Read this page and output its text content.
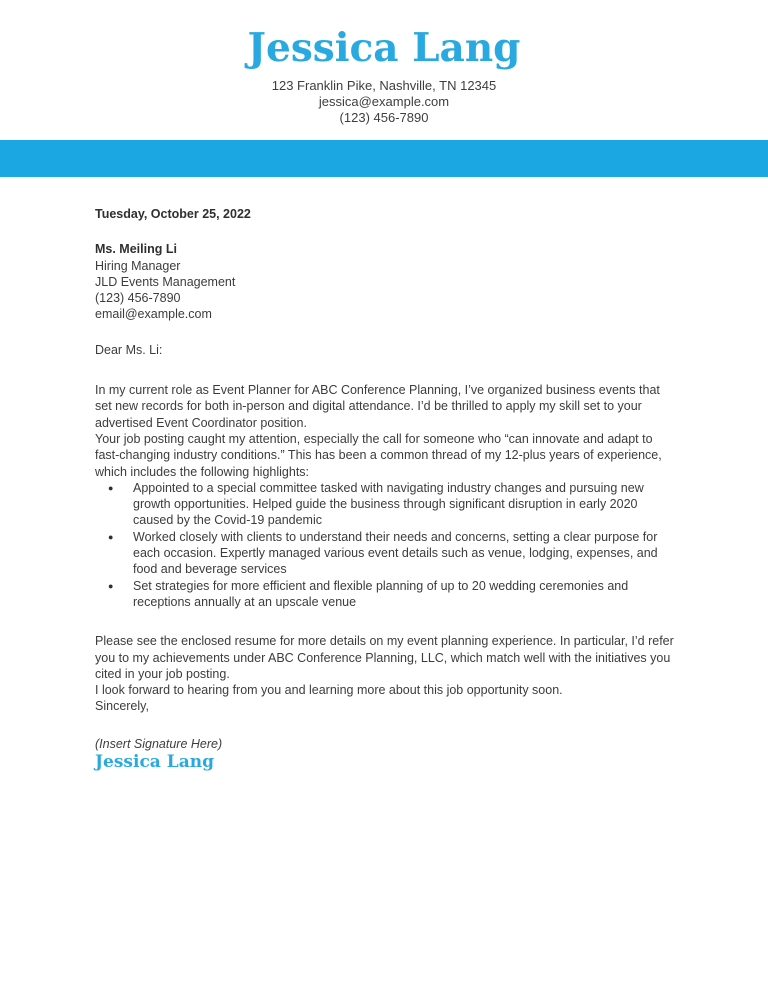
Jessica Lang
123 Franklin Pike, Nashville, TN 12345
jessica@example.com
(123) 456-7890

Tuesday, October 25, 2022

Ms. Meiling Li
Hiring Manager
JLD Events Management
(123) 456-7890
email@example.com

Dear Ms. Li:

In my current role as Event Planner for ABC Conference Planning, I’ve organized business events that set new records for both in-person and digital attendance. I’d be thrilled to apply my skill set to your advertised Event Coordinator position.

Your job posting caught my attention, especially the call for someone who “can innovate and adapt to fast-changing industry conditions.” This has been a common thread of my 12-plus years of experience, which includes the following highlights:

●	Appointed to a special committee tasked with navigating industry changes and pursuing new growth opportunities. Helped guide the business through significant disruption in early 2020 caused by the Covid-19 pandemic
●	Worked closely with clients to understand their needs and concerns, setting a clear purpose for each occasion. Expertly managed various event details such as venue, lodging, expenses, and food and beverage services
●	Set strategies for more efficient and flexible planning of up to 20 wedding ceremonies and receptions annually at an upscale venue

Please see the enclosed resume for more details on my event planning experience. In particular, I’d refer you to my achievements under ABC Conference Planning, LLC, which match well with the initiatives you cited in your job posting.

I look forward to hearing from you and learning more about this job opportunity soon.

Sincerely,

(Insert Signature Here)

Jessica Lang
